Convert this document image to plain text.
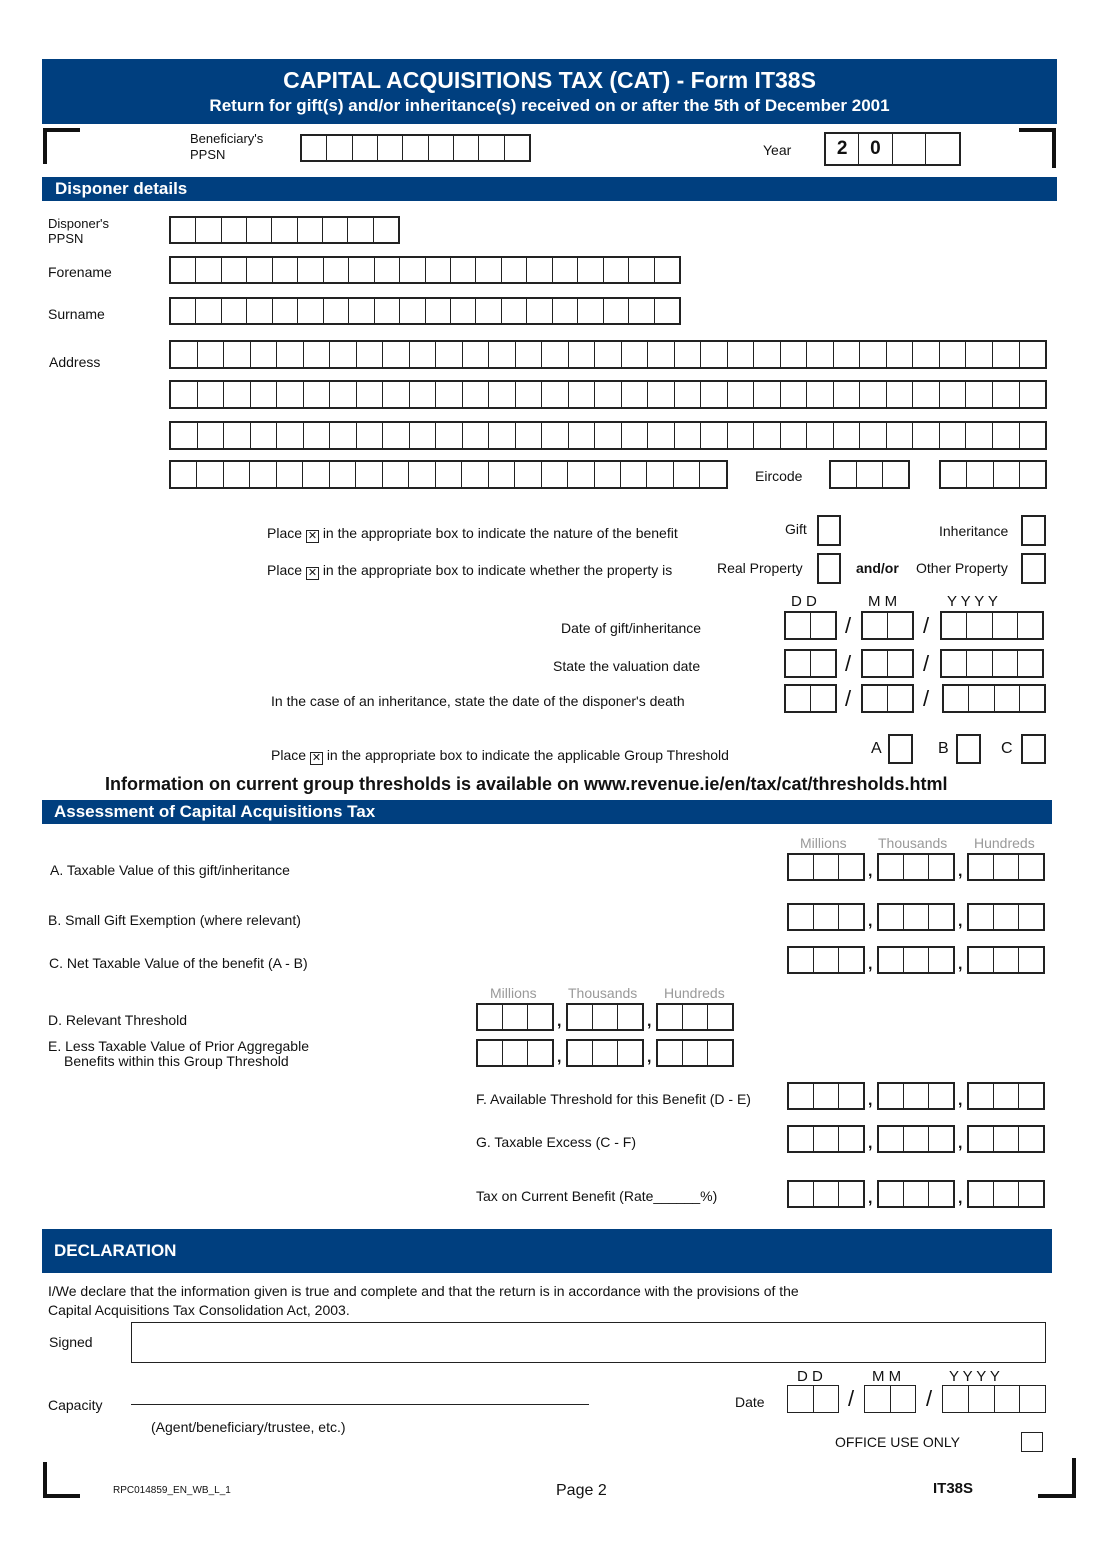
CAPITAL ACQUISITIONS TAX (CAT) - Form IT38S
Return for gift(s) and/or inheritance(s) received on or after the 5th of December 2001
Beneficiary's
PPSN	Year	2	0
Disponer details
Disponer's
PPSN
Forename
Surname
Address
Eircode
Place ✕ in the appropriate box to indicate the nature of the benefit	Gift	Inheritance
Place ✕ in the appropriate box to indicate whether the property is	Real Property	and/or Other Property
D D	M M	Y Y Y Y
Date of gift/inheritance	/	/
State the valuation date	/	/
In the case of an inheritance, state the date of the disponer's death	/	/
Place ✕ in the appropriate box to indicate the applicable Group Threshold	A	B	C
Information on current group thresholds is available on www.revenue.ie/en/tax/cat/thresholds.html
Assessment of Capital Acquisitions Tax
Millions Thousands Hundreds
A. Taxable Value of this gift/inheritance
B. Small Gift Exemption (where relevant)
C. Net Taxable Value of the benefit (A - B)
Millions Thousands Hundreds
D. Relevant Threshold
E. Less Taxable Value of Prior Aggregable
Benefits within this Group Threshold
F. Available Threshold for this Benefit (D - E)
G. Taxable Excess (C - F)
Tax on Current Benefit (Rate______%)
DECLARATION
I/We declare that the information given is true and complete and that the return is in accordance with the provisions of the
Capital Acquisitions Tax Consolidation Act, 2003.
Signed
Capacity
(Agent/beneficiary/trustee, etc.)
D D	M M	Y Y Y Y
Date	/	/
OFFICE USE ONLY
RPC014859_EN_WB_L_1	Page 2	IT38S
,	,
,	,
,	,
,	,
,	,
,	,
,	,
,	,
